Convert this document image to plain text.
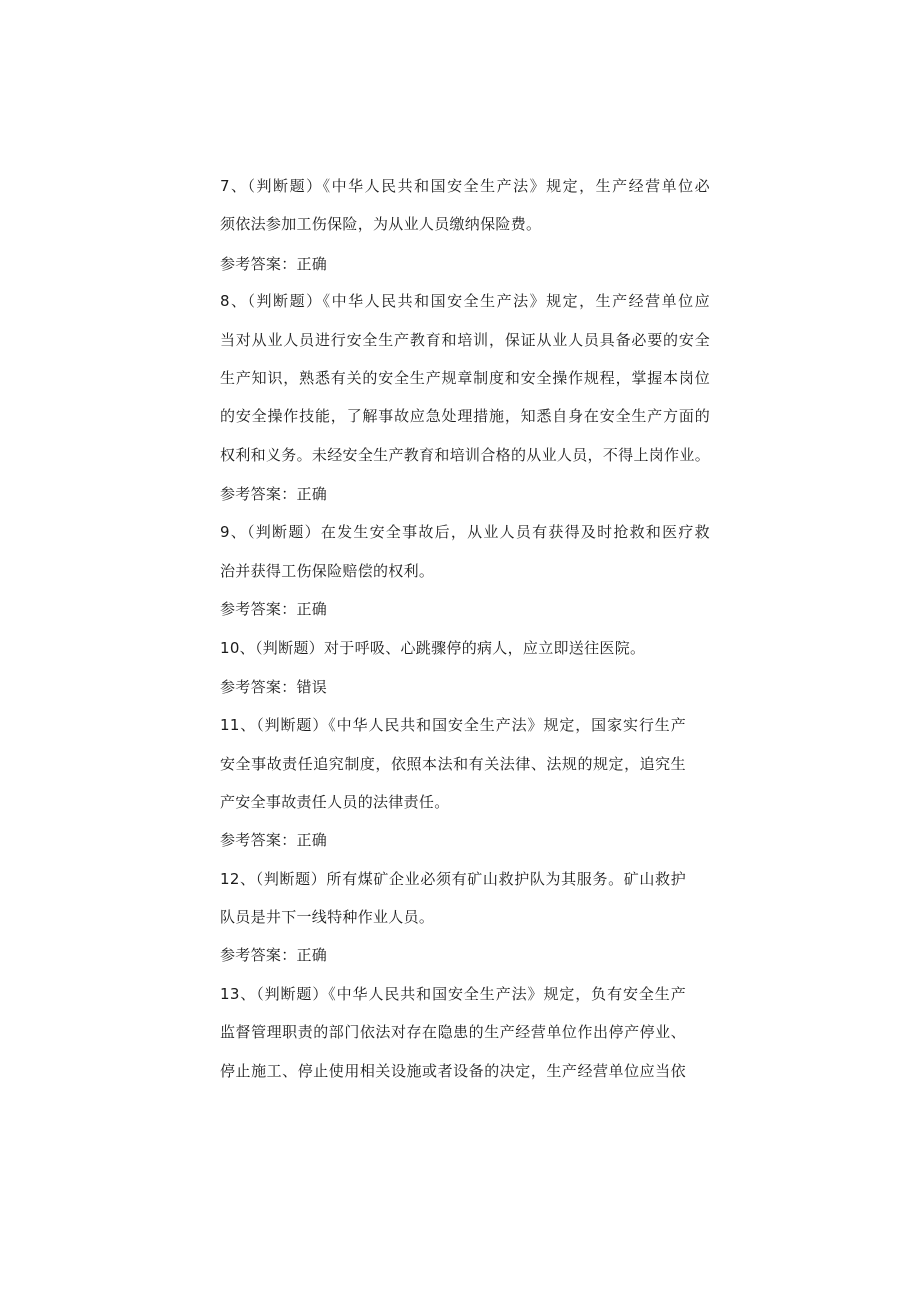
7、（判断题）《中华人民共和国安全生产法》规定，生产经营单位必
须依法参加工伤保险，为从业人员缴纳保险费。
参考答案：正确
8、（判断题）《中华人民共和国安全生产法》规定，生产经营单位应
当对从业人员进行安全生产教育和培训，保证从业人员具备必要的安全
生产知识，熟悉有关的安全生产规章制度和安全操作规程，掌握本岗位
的安全操作技能，了解事故应急处理措施，知悉自身在安全生产方面的
权利和义务。未经安全生产教育和培训合格的从业人员，不得上岗作业。
参考答案：正确
9、（判断题）在发生安全事故后，从业人员有获得及时抢救和医疗救
治并获得工伤保险赔偿的权利。
参考答案：正确
10、（判断题）对于呼吸、心跳骤停的病人，应立即送往医院。
参考答案：错误
11、（判断题）《中华人民共和国安全生产法》规定，国家实行生产
安全事故责任追究制度，依照本法和有关法律、法规的规定，追究生
产安全事故责任人员的法律责任。
参考答案：正确
12、（判断题）所有煤矿企业必须有矿山救护队为其服务。矿山救护
队员是井下一线特种作业人员。
参考答案：正确
13、（判断题）《中华人民共和国安全生产法》规定，负有安全生产
监督管理职责的部门依法对存在隐患的生产经营单位作出停产停业、
停止施工、停止使用相关设施或者设备的决定，生产经营单位应当依
